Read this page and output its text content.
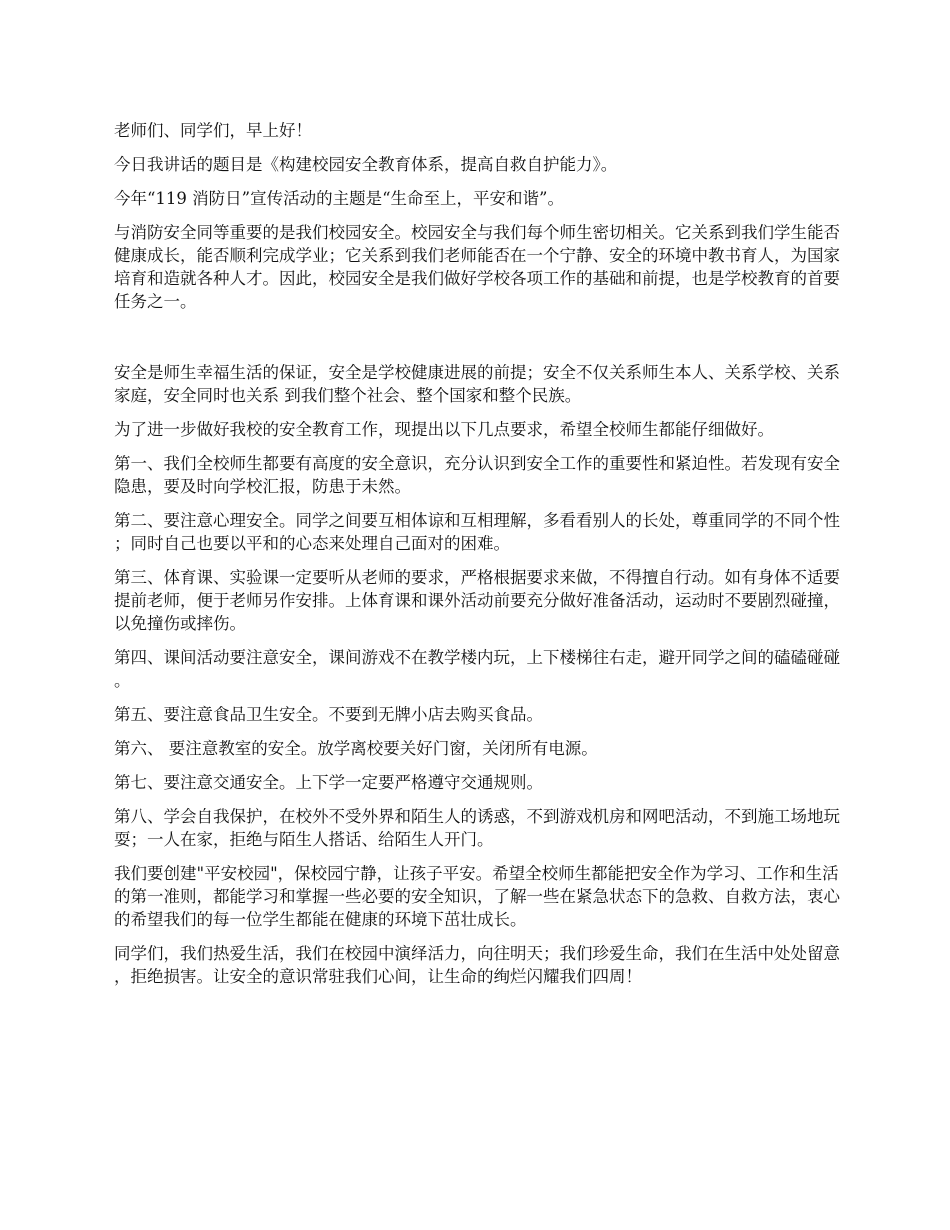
老师们、同学们，早上好！

今日我讲话的题目是《构建校园安全教育体系，提高自救自护能力》。

今年“119 消防日”宣传活动的主题是“生命至上，平安和谐”。

与消防安全同等重要的是我们校园安全。校园安全与我们每个师生密切相关。它关系到我们学生能否健康成长，能否顺利完成学业；它关系到我们老师能否在一个宁静、安全的环境中教书育人，为国家培育和造就各种人才。因此，校园安全是我们做好学校各项工作的基础和前提，也是学校教育的首要任务之一。

安全是师生幸福生活的保证，安全是学校健康进展的前提；安全不仅关系师生本人、关系学校、关系家庭，安全同时也关系 到我们整个社会、整个国家和整个民族。

为了进一步做好我校的安全教育工作，现提出以下几点要求，希望全校师生都能仔细做好。

第一、我们全校师生都要有高度的安全意识，充分认识到安全工作的重要性和紧迫性。若发现有安全隐患，要及时向学校汇报，防患于未然。

第二、要注意心理安全。同学之间要互相体谅和互相理解，多看看别人的长处，尊重同学的不同个性；同时自己也要以平和的心态来处理自己面对的困难。

第三、体育课、实验课一定要听从老师的要求，严格根据要求来做，不得擅自行动。如有身体不适要提前老师，便于老师另作安排。上体育课和课外活动前要充分做好准备活动，运动时不要剧烈碰撞，以免撞伤或摔伤。

第四、课间活动要注意安全，课间游戏不在教学楼内玩，上下楼梯往右走，避开同学之间的磕磕碰碰。

第五、要注意食品卫生安全。不要到无牌小店去购买食品。

第六、 要注意教室的安全。放学离校要关好门窗，关闭所有电源。

第七、要注意交通安全。上下学一定要严格遵守交通规则。

第八、学会自我保护，在校外不受外界和陌生人的诱惑，不到游戏机房和网吧活动，不到施工场地玩耍；一人在家，拒绝与陌生人搭话、给陌生人开门。

我们要创建"平安校园"，保校园宁静，让孩子平安。希望全校师生都能把安全作为学习、工作和生活的第一准则，都能学习和掌握一些必要的安全知识，了解一些在紧急状态下的急救、自救方法，衷心的希望我们的每一位学生都能在健康的环境下茁壮成长。

同学们，我们热爱生活，我们在校园中演绎活力，向往明天；我们珍爱生命，我们在生活中处处留意，拒绝损害。让安全的意识常驻我们心间，让生命的绚烂闪耀我们四周！
